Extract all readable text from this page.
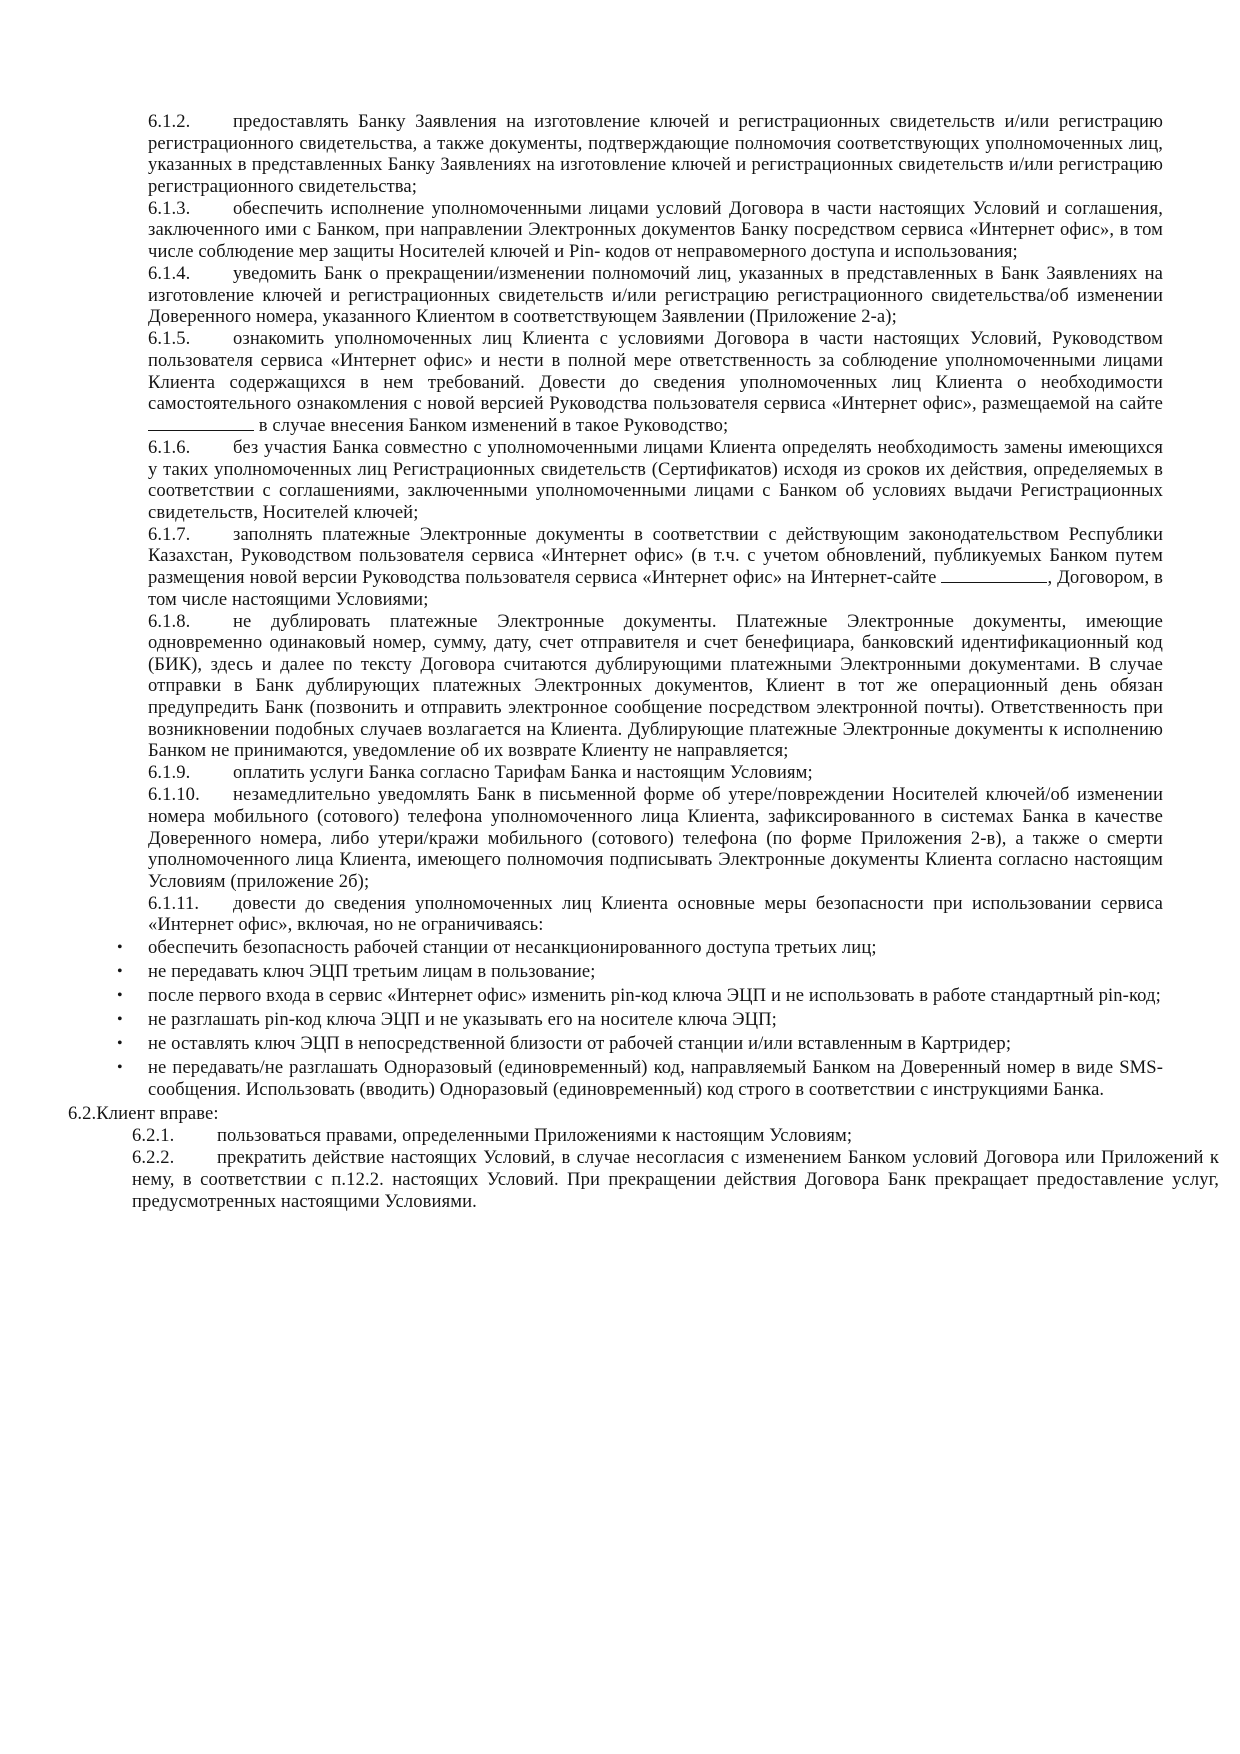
6.1.2. предоставлять Банку Заявления на изготовление ключей и регистрационных свидетельств и/или регистрацию регистрационного свидетельства, а также документы, подтверждающие полномочия соответствующих уполномоченных лиц, указанных в представленных Банку Заявлениях на изготовление ключей и регистрационных свидетельств и/или регистрацию регистрационного свидетельства;
6.1.3. обеспечить исполнение уполномоченными лицами условий Договора в части настоящих Условий и соглашения, заключенного ими с Банком, при направлении Электронных документов Банку посредством сервиса «Интернет офис», в том числе соблюдение мер защиты Носителей ключей и Pin- кодов от неправомерного доступа и использования;
6.1.4. уведомить Банк о прекращении/изменении полномочий лиц, указанных в представленных в Банк Заявлениях на изготовление ключей и регистрационных свидетельств и/или регистрацию регистрационного свидетельства/об изменении Доверенного номера, указанного Клиентом в соответствующем Заявлении (Приложение 2-а);
6.1.5. ознакомить уполномоченных лиц Клиента с условиями Договора в части настоящих Условий, Руководством пользователя сервиса «Интернет офис» и нести в полной мере ответственность за соблюдение уполномоченными лицами Клиента содержащихся в нем требований. Довести до сведения уполномоченных лиц Клиента о необходимости самостоятельного ознакомления с новой версией Руководства пользователя сервиса «Интернет офис», размещаемой на сайте  в случае внесения Банком изменений в такое Руководство;
6.1.6. без участия Банка совместно с уполномоченными лицами Клиента определять необходимость замены имеющихся у таких уполномоченных лиц Регистрационных свидетельств (Сертификатов) исходя из сроков их действия, определяемых в соответствии с соглашениями, заключенными уполномоченными лицами с Банком об условиях выдачи Регистрационных свидетельств, Носителей ключей;
6.1.7. заполнять платежные Электронные документы в соответствии с действующим законодательством Республики Казахстан, Руководством пользователя сервиса «Интернет офис» (в т.ч. с учетом обновлений, публикуемых Банком путем размещения новой версии Руководства пользователя сервиса «Интернет офис» на Интернет-сайте	, Договором, в том числе настоящими Условиями;
6.1.8. не дублировать платежные Электронные документы. Платежные Электронные документы, имеющие одновременно одинаковый номер, сумму, дату, счет отправителя и счет бенефициара, банковский идентификационный код (БИК), здесь и далее по тексту Договора считаются дублирующими платежными Электронными документами. В случае отправки в Банк дублирующих платежных Электронных документов, Клиент в тот же операционный день обязан предупредить Банк (позвонить и отправить электронное сообщение посредством электронной почты). Ответственность при возникновении подобных случаев возлагается на Клиента. Дублирующие платежные Электронные документы к исполнению Банком не принимаются, уведомление об их возврате Клиенту не направляется;
6.1.9. оплатить услуги Банка согласно Тарифам Банка и настоящим Условиям;
6.1.10. незамедлительно уведомлять Банк в письменной форме об утере/повреждении Носителей ключей/об изменении номера мобильного (сотового) телефона уполномоченного лица Клиента, зафиксированного в системах Банка в качестве Доверенного номера, либо утери/кражи мобильного (сотового) телефона (по форме Приложения 2-в), а также о смерти уполномоченного лица Клиента, имеющего полномочия подписывать Электронные документы Клиента согласно настоящим Условиям (приложение 2б);
6.1.11. довести до сведения уполномоченных лиц Клиента основные меры безопасности при использовании сервиса «Интернет офис», включая, но не ограничиваясь:
• обеспечить безопасность рабочей станции от несанкционированного доступа третьих лиц;
• не передавать ключ ЭЦП третьим лицам в пользование;
• после первого входа в сервис «Интернет офис» изменить pin-код ключа ЭЦП и не использовать в работе стандартный pin-код;
• не разглашать pin-код ключа ЭЦП и не указывать его на носителе ключа ЭЦП;
• не оставлять ключ ЭЦП в непосредственной близости от рабочей станции и/или вставленным в Картридер;
• не передавать/не разглашать Одноразовый (единовременный) код, направляемый Банком на Доверенный номер в виде SMS-сообщения. Использовать (вводить) Одноразовый (единовременный) код строго в соответствии с инструкциями Банка.
6.2.Клиент вправе:
6.2.1. пользоваться правами, определенными Приложениями к настоящим Условиям;
6.2.2. прекратить действие настоящих Условий, в случае несогласия с изменением Банком условий Договора или Приложений к нему, в соответствии с п.12.2. настоящих Условий. При прекращении действия Договора Банк прекращает предоставление услуг, предусмотренных настоящими Условиями.
